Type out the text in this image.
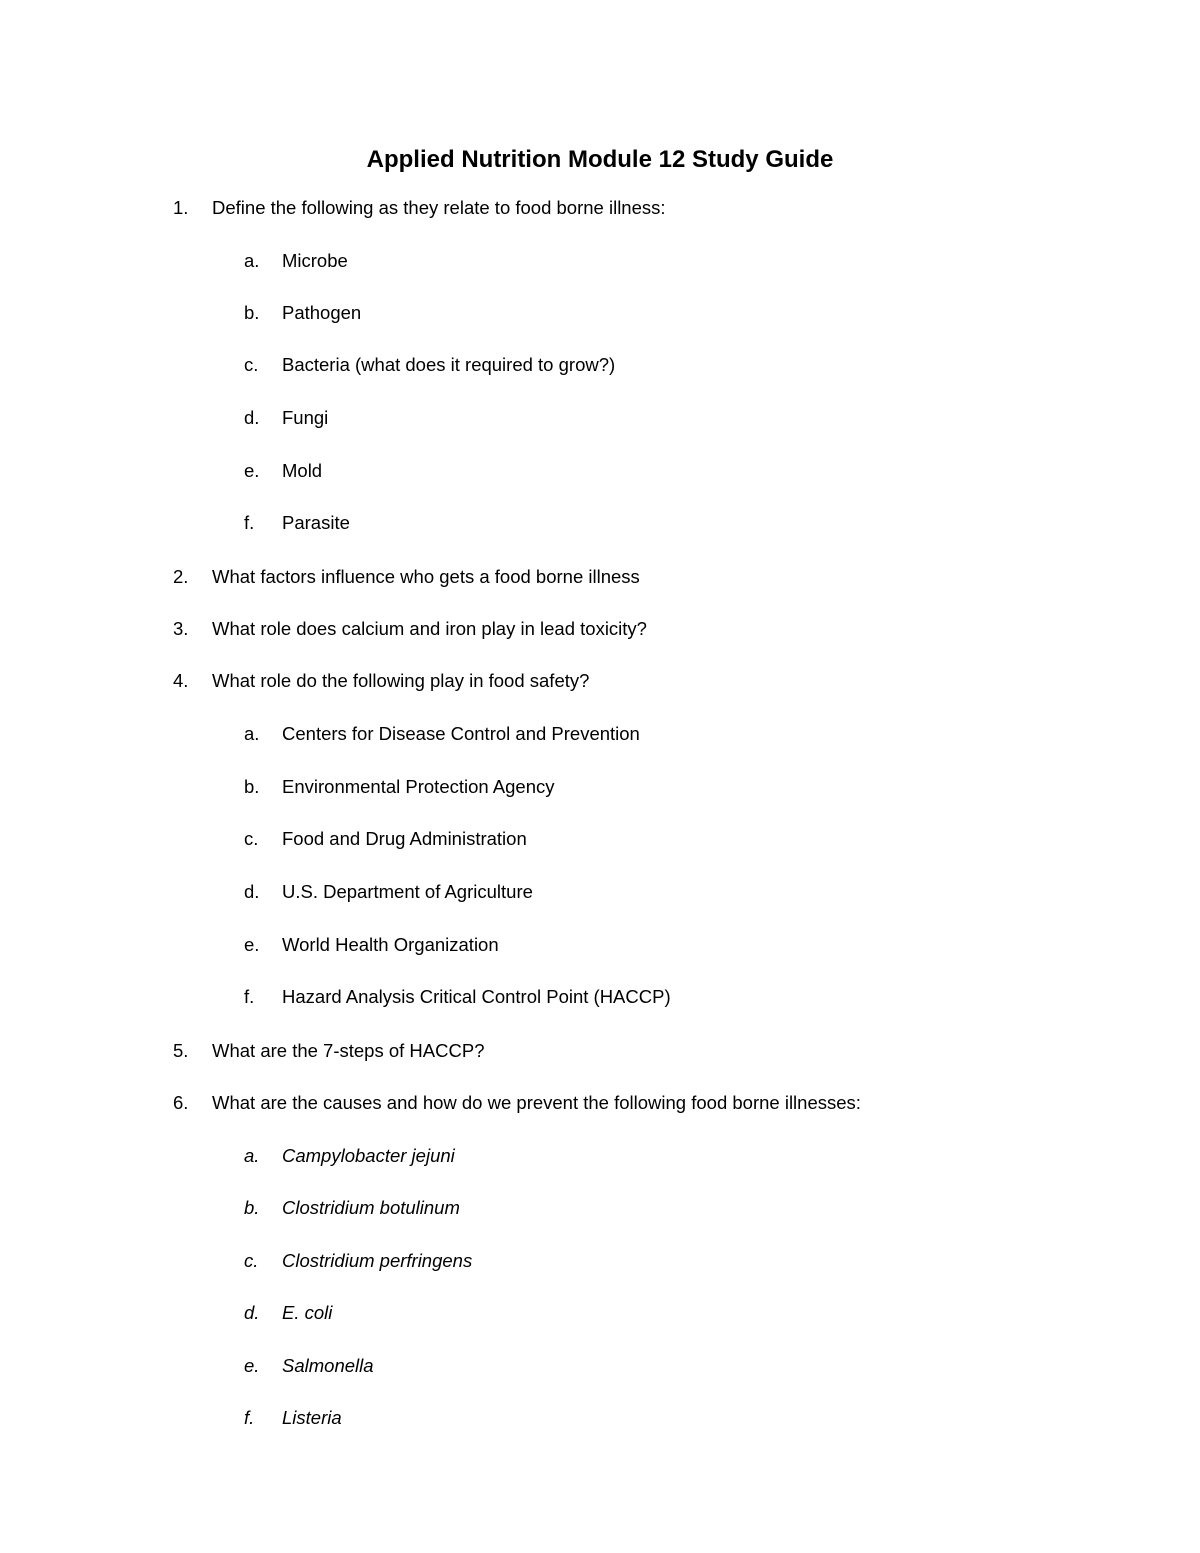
Applied Nutrition Module 12 Study Guide
1.	Define the following as they relate to food borne illness:
a.	Microbe
b.	Pathogen
c.	Bacteria (what does it required to grow?)
d.	Fungi
e.	Mold
f.	Parasite
2.	What factors influence who gets a food borne illness
3.	What role does calcium and iron play in lead toxicity?
4.	What role do the following play in food safety?
a.	Centers for Disease Control and Prevention
b.	Environmental Protection Agency
c.	Food and Drug Administration
d.	U.S. Department of Agriculture
e.	World Health Organization
f.	Hazard Analysis Critical Control Point (HACCP)
5.	What are the 7-steps of HACCP?
6.	What are the causes and how do we prevent the following food borne illnesses:
a.	Campylobacter jejuni
b.	Clostridium botulinum
c.	Clostridium perfringens
d.	E. coli
e.	Salmonella
f.	Listeria
